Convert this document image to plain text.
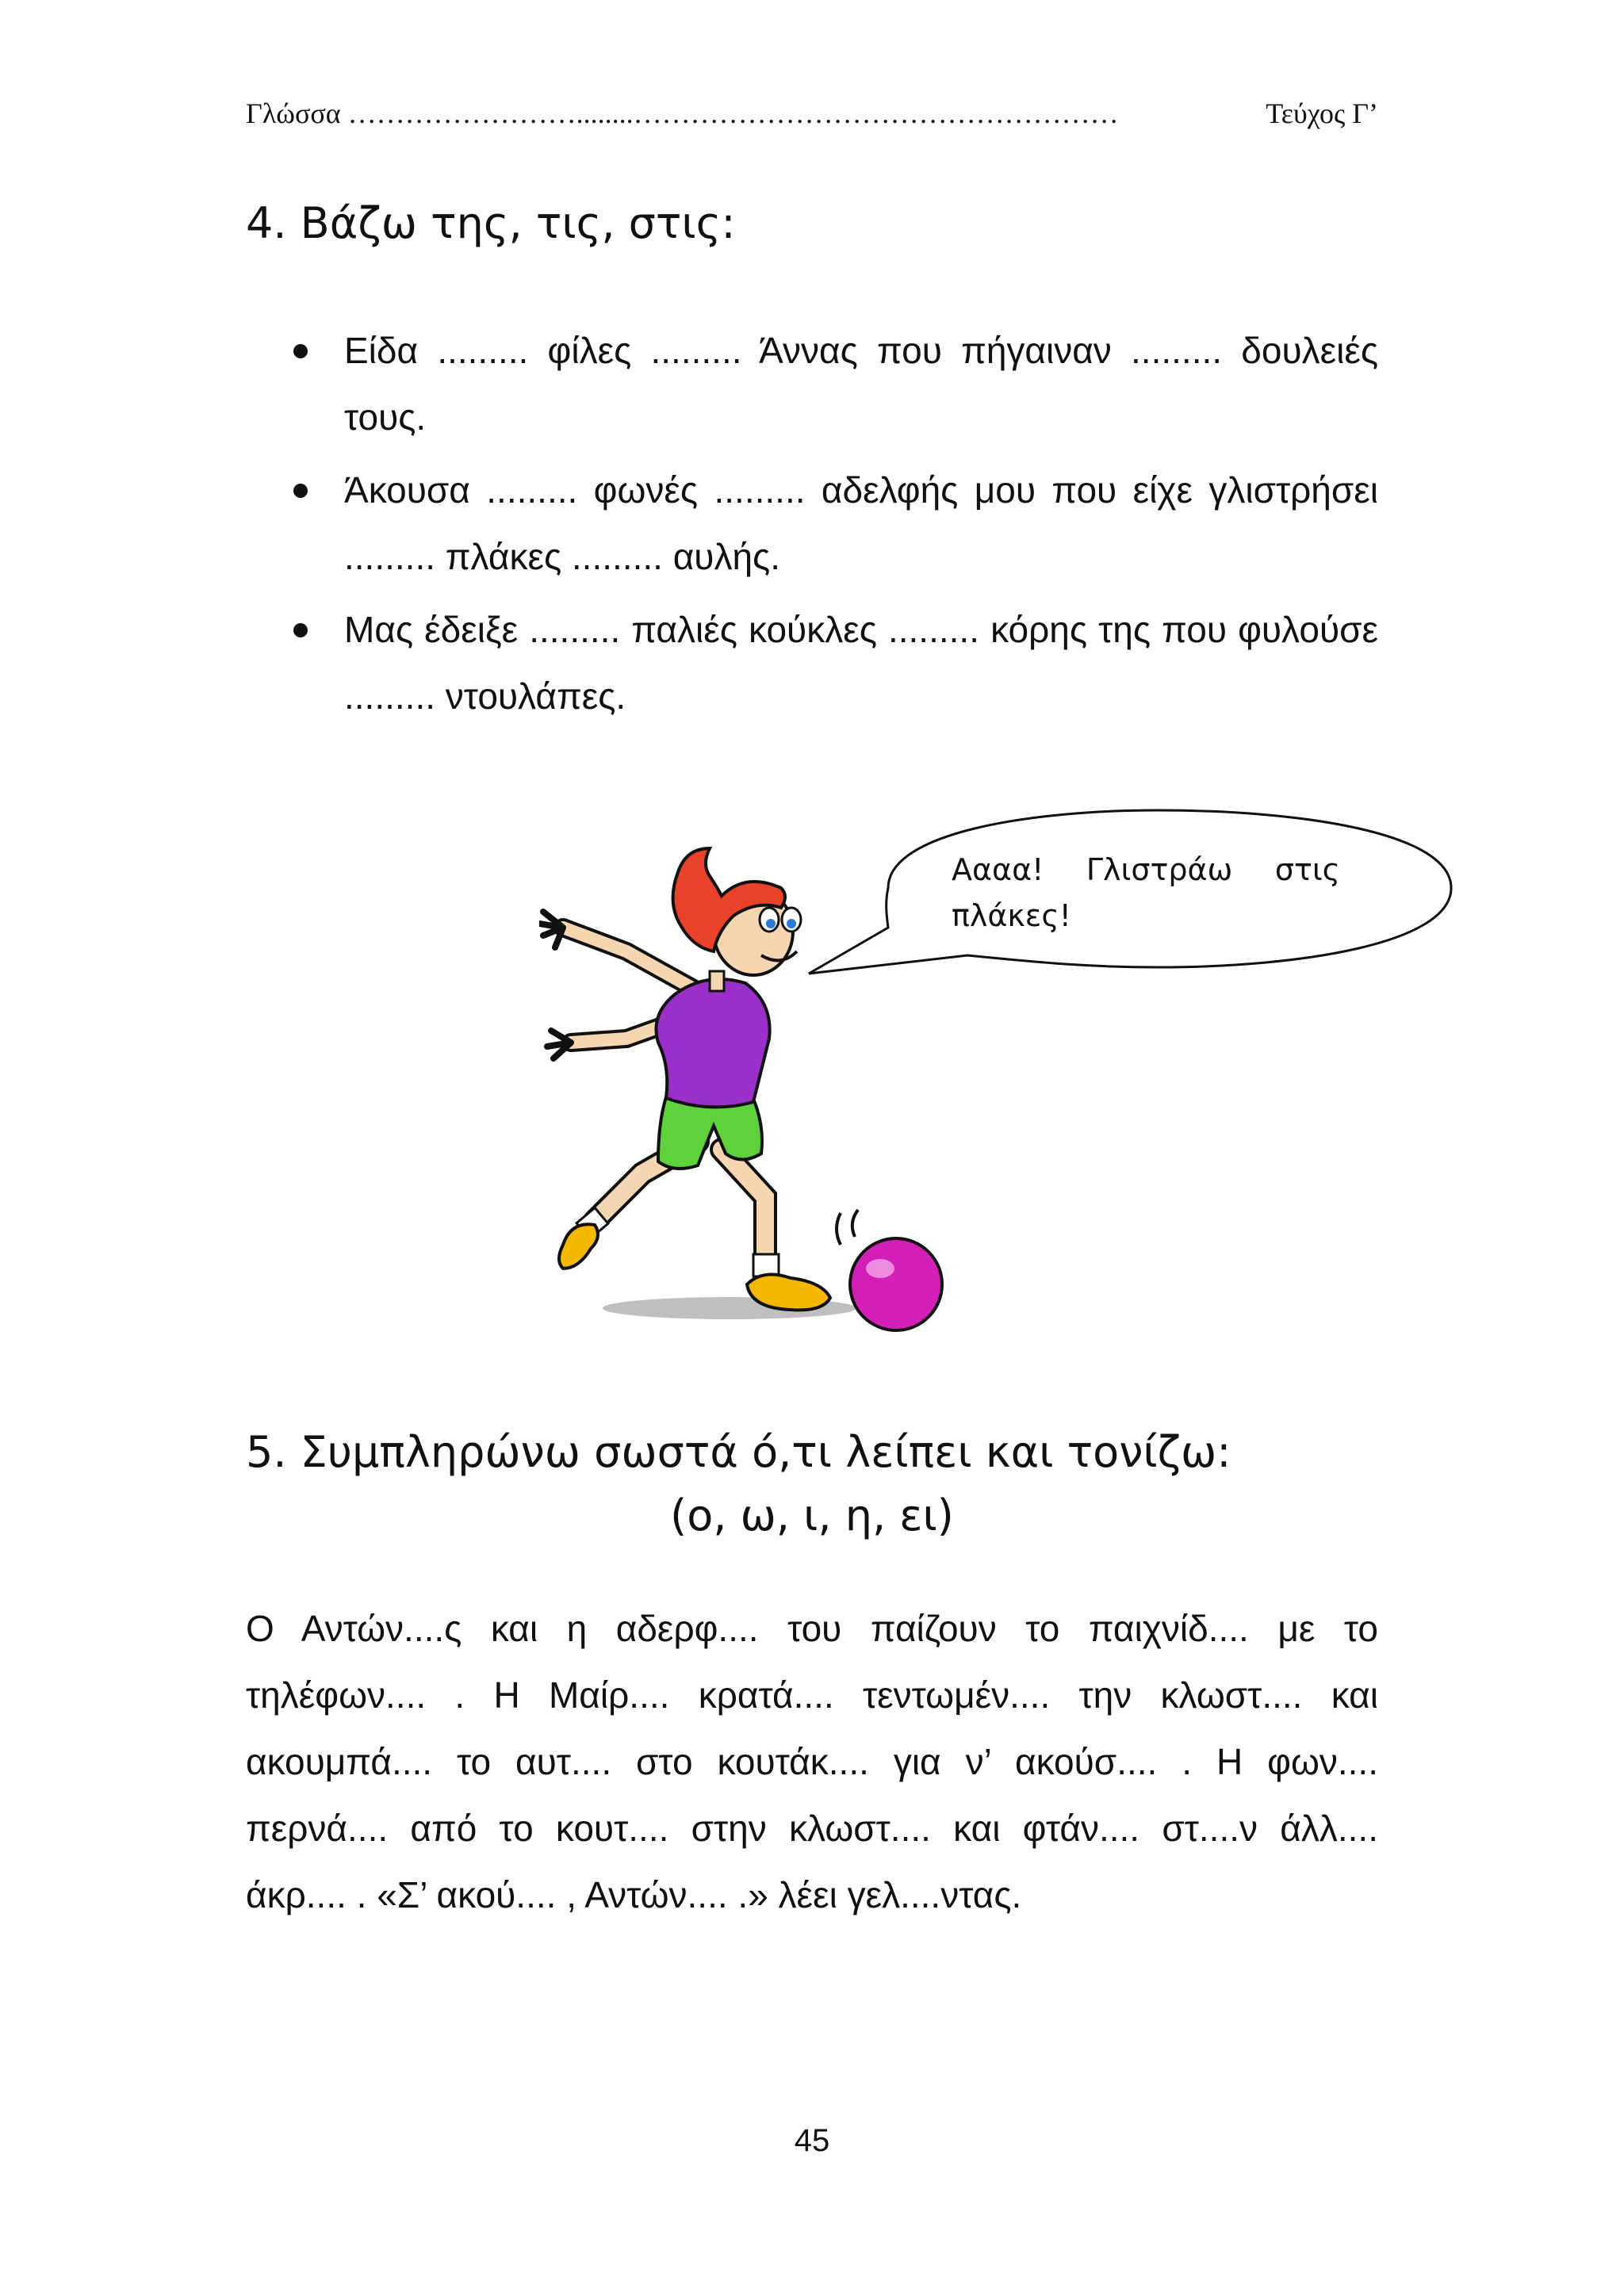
Γλώσσα ……………………........……………………………………………	Τεύχος Γ’
4. Βάζω της, τις, στις:
Είδα ......... φίλες ......... Άννας που πήγαιναν ......... δουλειές τους.
Άκουσα ......... φωνές ......... αδελφής μου που είχε γλιστρήσει ......... πλάκες ......... αυλής.
Μας έδειξε ......... παλιές κούκλες ......... κόρης της που φυλούσε ......... ντουλάπες.
Αααα! Γλιστράω στις πλάκες!
5. Συμπληρώνω σωστά ό,τι λείπει και τονίζω:
(ο, ω, ι, η, ει)

Ο Αντών....ς και η αδερφ.... του παίζουν το παιχνίδ.... με το τηλέφων.... . Η Μαίρ.... κρατά.... τεντωμέν.... την κλωστ.... και ακουμπά.... το αυτ.... στο κουτάκ.... για ν’ ακούσ.... . Η φων.... περνά.... από το κουτ.... στην κλωστ.... και φτάν.... στ....ν άλλ.... άκρ.... . «Σ’ ακού.... , Αντών.... .» λέει γελ....ντας.

45
